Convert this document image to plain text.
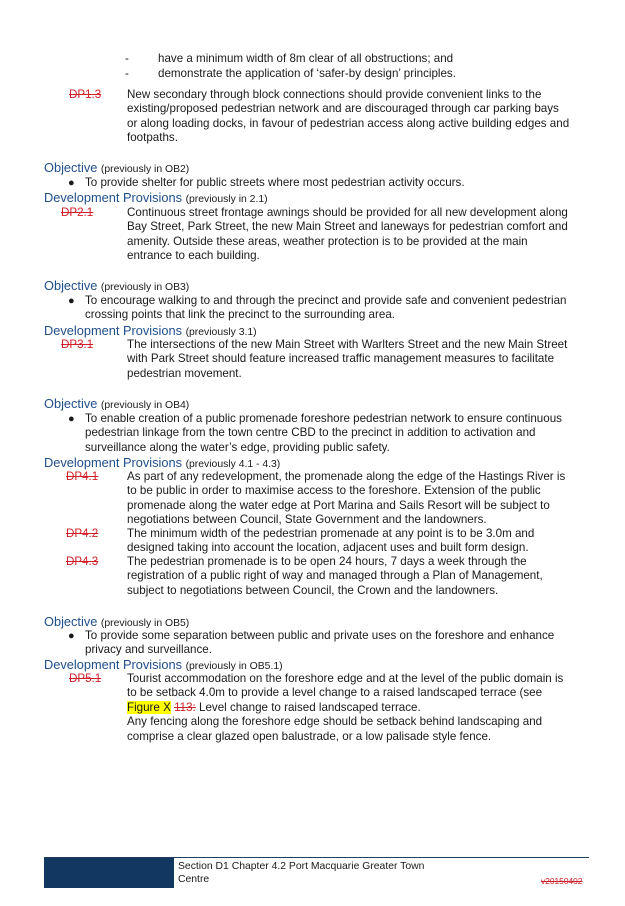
-	have a minimum width of 8m clear of all obstructions; and
-	demonstrate the application of ‘safer-by design’ principles.
DP1.3 New secondary through block connections should provide convenient links to the
existing/proposed pedestrian network and are discouraged through car parking bays
or along loading docks, in favour of pedestrian access along active building edges and
footpaths.
Objective (previously in OB2)
● To provide shelter for public streets where most pedestrian activity occurs.
Development Provisions (previously in 2.1)
DP2.1	Continuous street frontage awnings should be provided for all new development along
Bay Street, Park Street, the new Main Street and laneways for pedestrian comfort and
amenity. Outside these areas, weather protection is to be provided at the main
entrance to each building.
Objective (previously in OB3)
● To encourage walking to and through the precinct and provide safe and convenient pedestrian
crossing points that link the precinct to the surrounding area.
Development Provisions (previously 3.1)
DP3.1	The intersections of the new Main Street with Warlters Street and the new Main Street
with Park Street should feature increased traffic management measures to facilitate
pedestrian movement.
Objective (previously in OB4)
● To enable creation of a public promenade foreshore pedestrian network to ensure continuous
pedestrian linkage from the town centre CBD to the precinct in addition to activation and
surveillance along the water’s edge, providing public safety.
Development Provisions (previously 4.1 - 4.3)
DP4.1 As part of any redevelopment, the promenade along the edge of the Hastings River is
to be public in order to maximise access to the foreshore. Extension of the public
promenade along the water edge at Port Marina and Sails Resort will be subject to
negotiations between Council, State Government and the landowners.
DP4.2 The minimum width of the pedestrian promenade at any point is to be 3.0m and
designed taking into account the location, adjacent uses and built form design.
DP4.3 The pedestrian promenade is to be open 24 hours, 7 days a week through the
registration of a public right of way and managed through a Plan of Management,
subject to negotiations between Council, the Crown and the landowners.
Objective (previously in OB5)
● To provide some separation between public and private uses on the foreshore and enhance
privacy and surveillance.
Development Provisions (previously in OB5.1)
DP5.1 Tourist accommodation on the foreshore edge and at the level of the public domain is
to be setback 4.0m to provide a level change to a raised landscaped terrace (see
Figure X 113: Level change to raised landscaped terrace.
Any fencing along the foreshore edge should be setback behind landscaping and
comprise a clear glazed open balustrade, or a low palisade style fence.
Section D1 Chapter 4.2 Port Macquarie Greater Town
Centre	v20150402
